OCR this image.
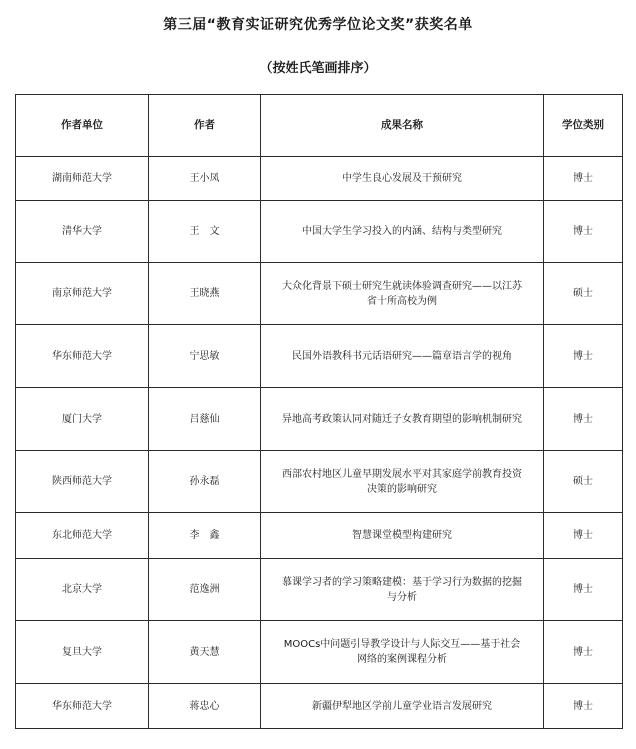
第三届“教育实证研究优秀学位论文奖”获奖名单
（按姓氏笔画排序）
作者单位	作者	成果名称	学位类别
湖南师范大学	王小凤	中学生良心发展及干预研究	博士
清华大学	王　文	中国大学生学习投入的内涵、结构与类型研究	博士
南京师范大学	王晓燕	大众化背景下硕士研究生就读体验调查研究——以江苏省十所高校为例	硕士
华东师范大学	宁思敏	民国外语教科书元话语研究——篇章语言学的视角	博士
厦门大学	吕慈仙	异地高考政策认同对随迁子女教育期望的影响机制研究	博士
陕西师范大学	孙永磊	西部农村地区儿童早期发展水平对其家庭学前教育投资决策的影响研究	硕士
东北师范大学	李　鑫	智慧课堂模型构建研究	博士
北京大学	范逸洲	慕课学习者的学习策略建模：基于学习行为数据的挖掘与分析	博士
复旦大学	黄天慧	MOOCs中问题引导教学设计与人际交互——基于社会网络的案例课程分析	博士
华东师范大学	蒋忠心	新疆伊犁地区学前儿童学业语言发展研究	博士
